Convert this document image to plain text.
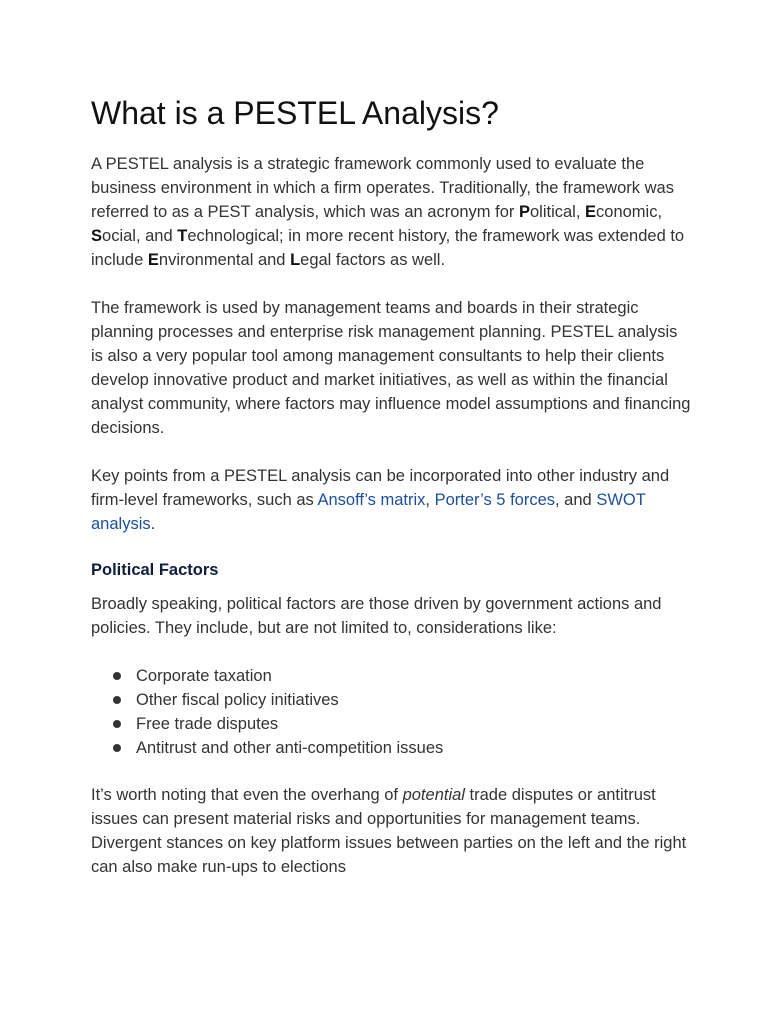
What is a PESTEL Analysis?

A PESTEL analysis is a strategic framework commonly used to evaluate the business environment in which a firm operates. Traditionally, the framework was referred to as a PEST analysis, which was an acronym for Political, Economic, Social, and Technological; in more recent history, the framework was extended to include Environmental and Legal factors as well.

The framework is used by management teams and boards in their strategic planning processes and enterprise risk management planning. PESTEL analysis is also a very popular tool among management consultants to help their clients develop innovative product and market initiatives, as well as within the financial analyst community, where factors may influence model assumptions and financing decisions.

Key points from a PESTEL analysis can be incorporated into other industry and firm-level frameworks, such as Ansoff’s matrix, Porter’s 5 forces, and SWOT analysis.

Political Factors

Broadly speaking, political factors are those driven by government actions and policies. They include, but are not limited to, considerations like:

Corporate taxation
Other fiscal policy initiatives
Free trade disputes
Antitrust and other anti-competition issues

It’s worth noting that even the overhang of potential trade disputes or antitrust issues can present material risks and opportunities for management teams. Divergent stances on key platform issues between parties on the left and the right can also make run-ups to elections
